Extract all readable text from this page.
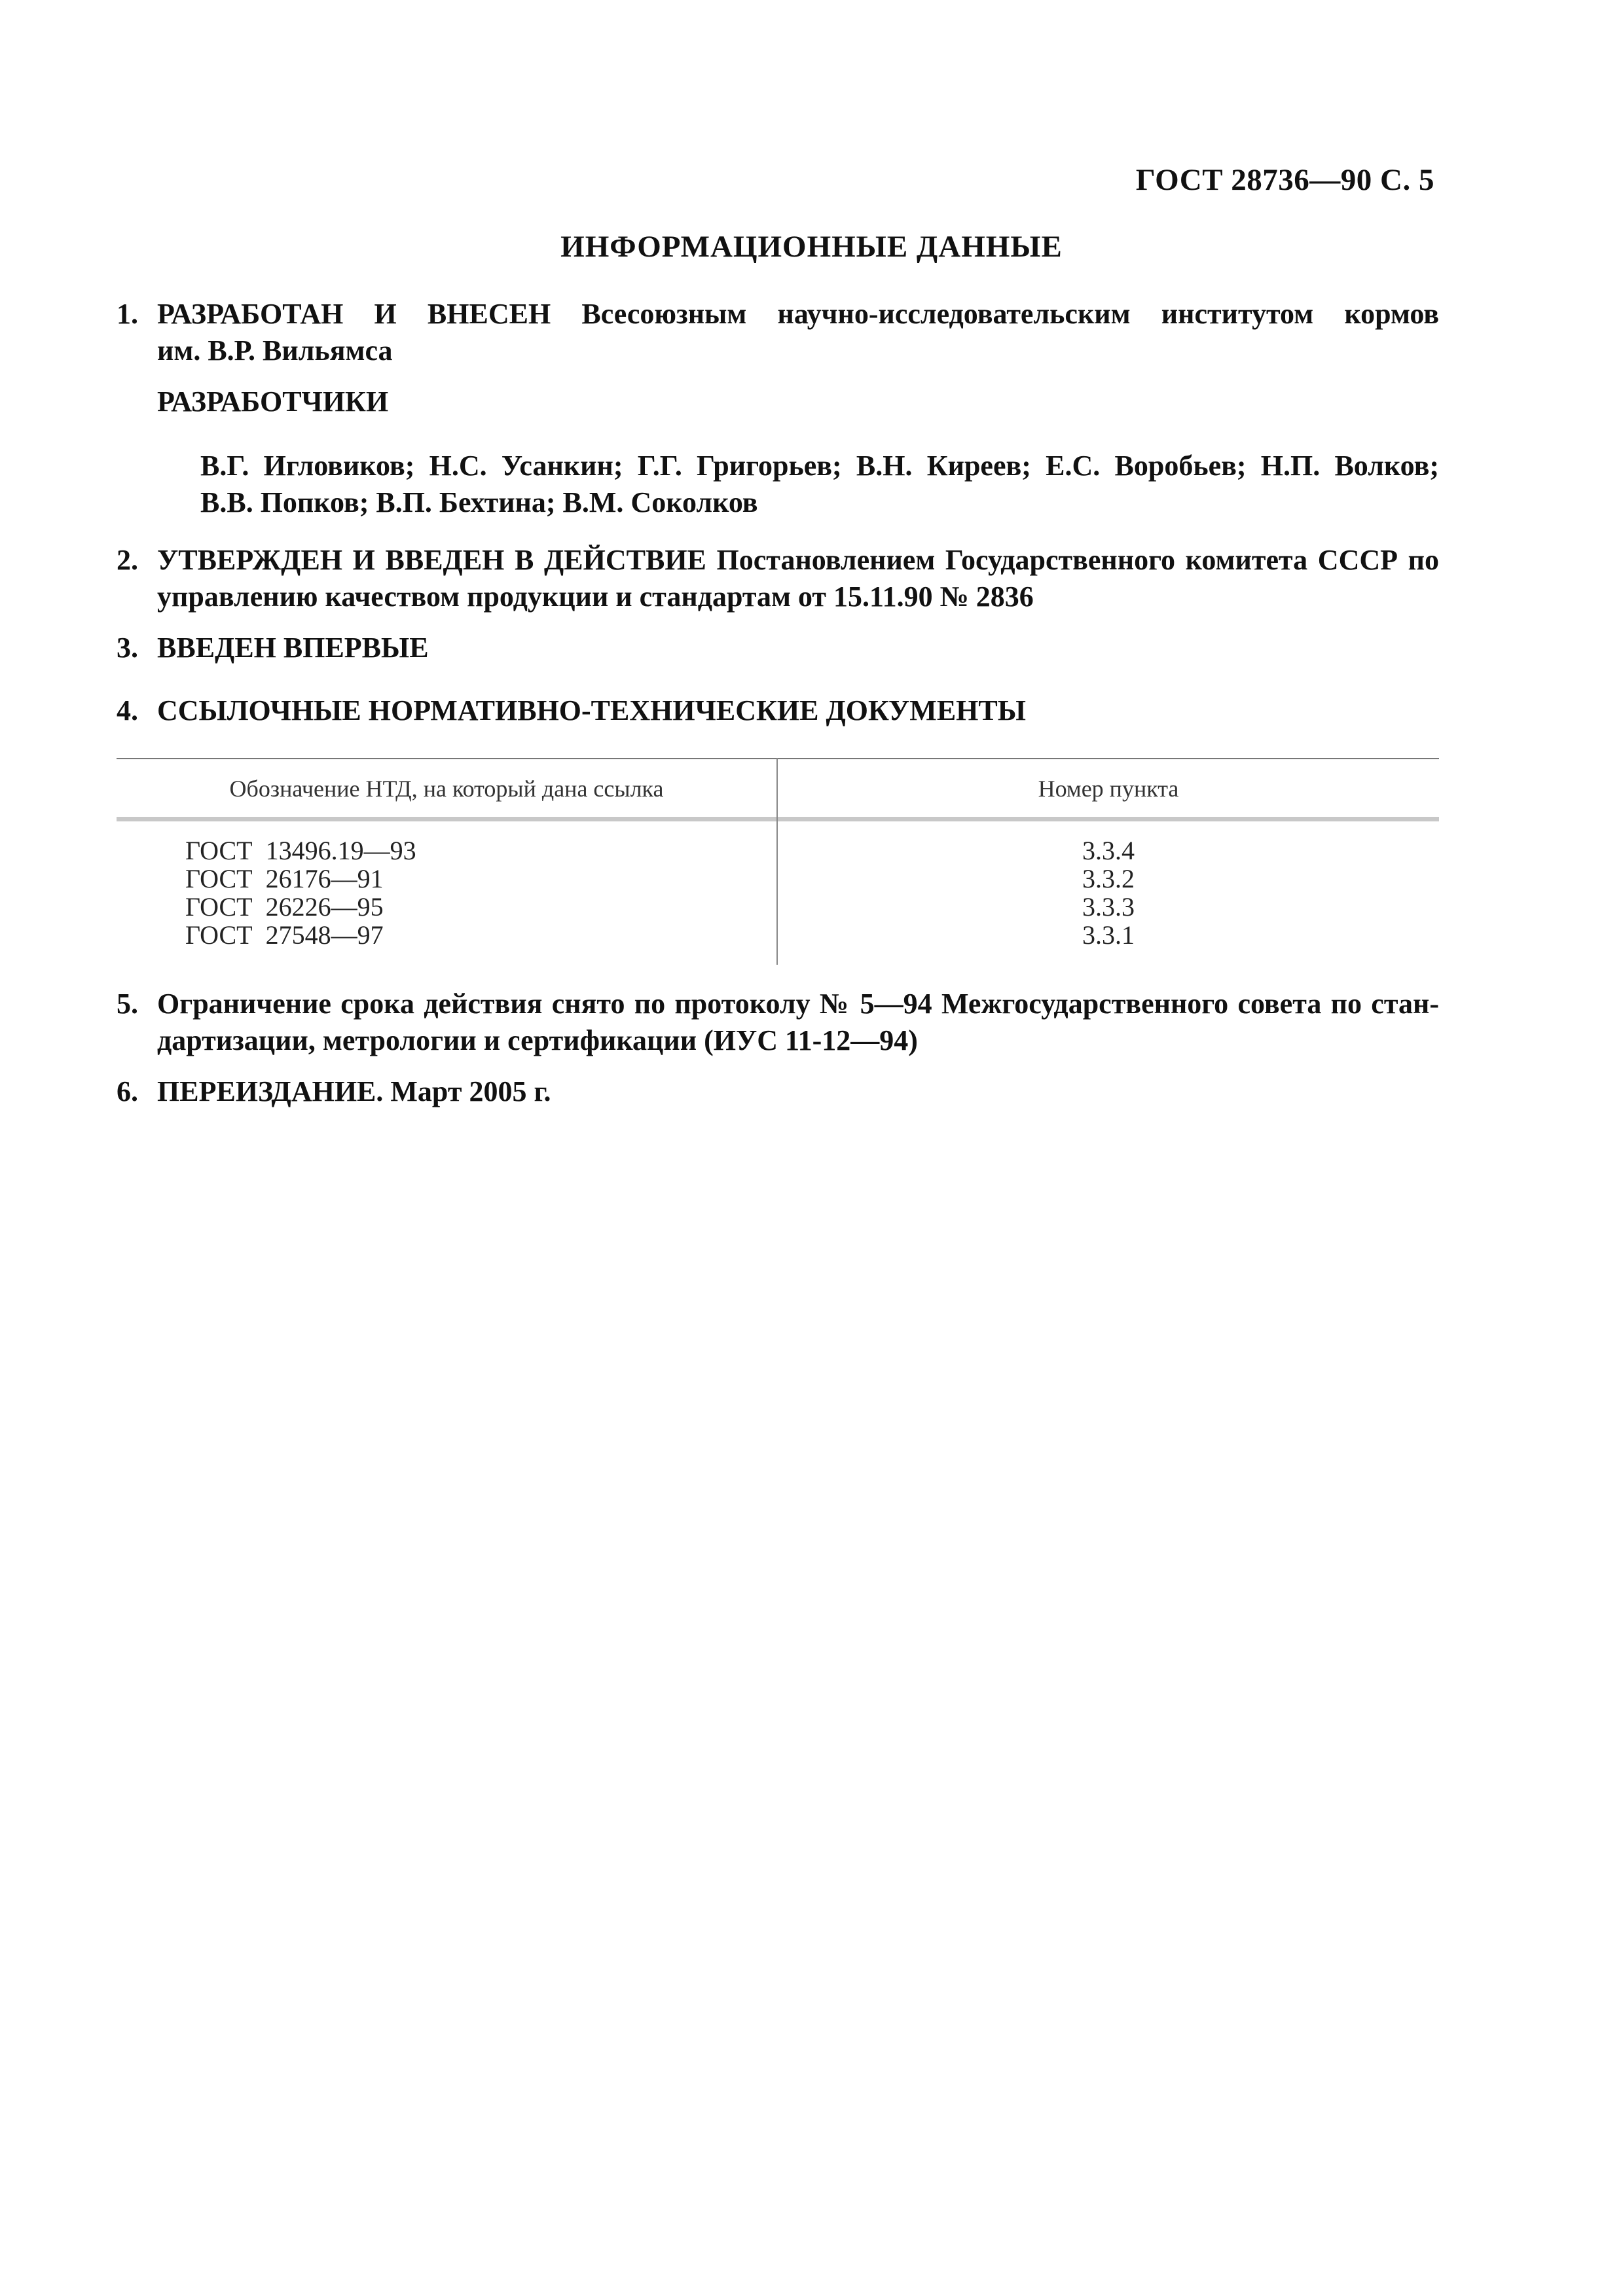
ГОСТ 28736—90 С. 5
ИНФОРМАЦИОННЫЕ ДАННЫЕ
1. РАЗРАБОТАН И ВНЕСЕН Всесоюзным научно-исследовательским институтом кормов
им. В.Р. Вильямса
РАЗРАБОТЧИКИ
В.Г. Игловиков; Н.С. Усанкин; Г.Г. Григорьев; В.Н. Киреев; Е.С. Воробьев; Н.П. Волков;
В.В. Попков; В.П. Бехтина; В.М. Соколков
2. УТВЕРЖДЕН И ВВЕДЕН В ДЕЙСТВИЕ Постановлением Государственного комитета СССР по
управлению качеством продукции и стандартам от 15.11.90 № 2836
3. ВВЕДЕН ВПЕРВЫЕ
4. ССЫЛОЧНЫЕ НОРМАТИВНО-ТЕХНИЧЕСКИЕ ДОКУМЕНТЫ
Обозначение НТД, на который дана ссылка	Номер пункта
ГОСТ  13496.19—93
ГОСТ  26176—91
ГОСТ  26226—95
ГОСТ  27548—97
3.3.4
3.3.2
3.3.3
3.3.1
5. Ограничение срока действия снято по протоколу № 5—94 Межгосударственного совета по стан-
дартизации, метрологии и сертификации (ИУС 11-12—94)
6. ПЕРЕИЗДАНИЕ. Март 2005 г.
